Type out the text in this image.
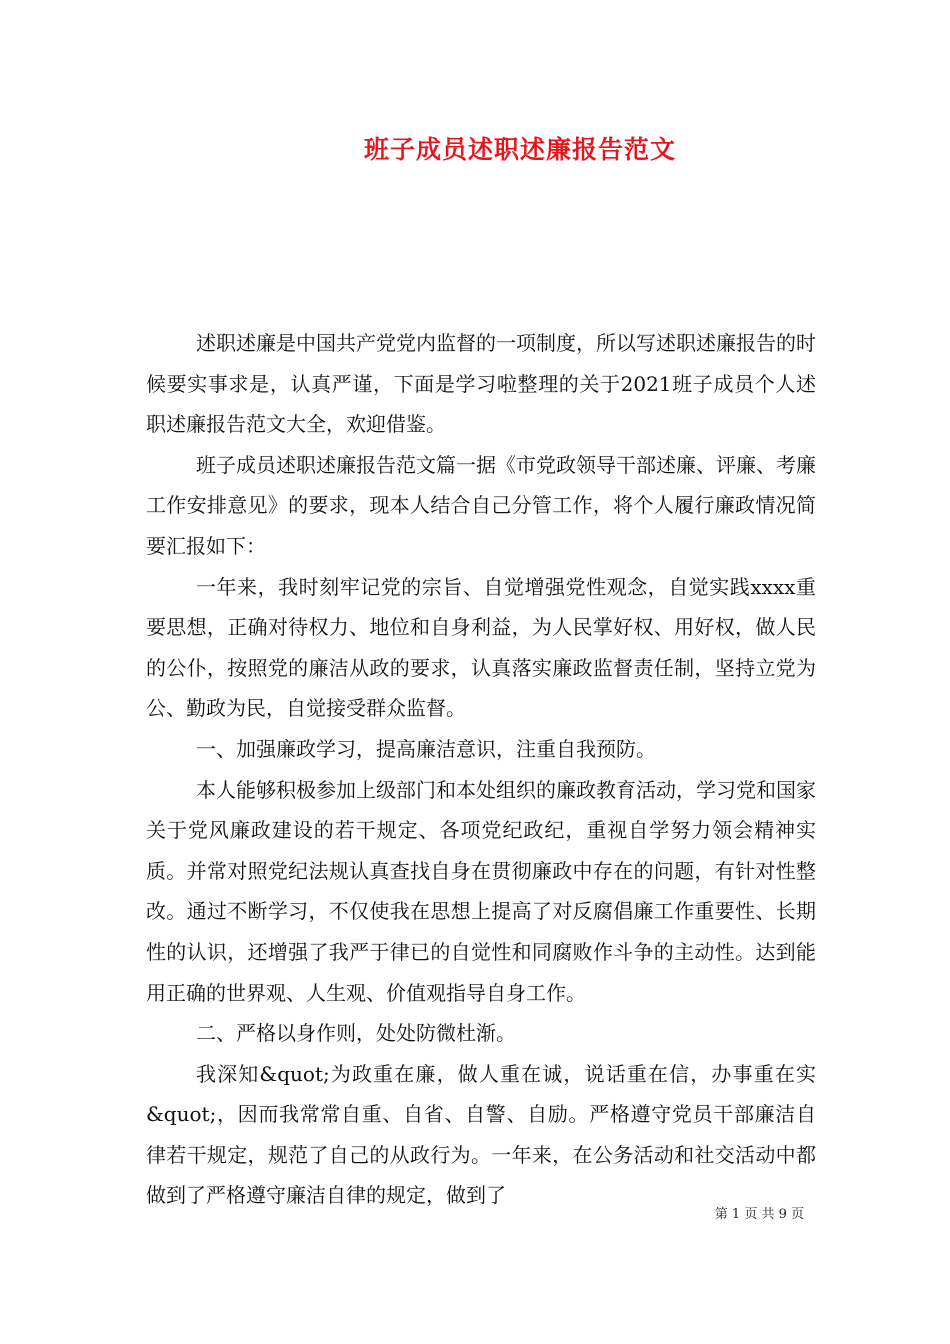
班子成员述职述廉报告范文

述职述廉是中国共产党党内监督的一项制度，所以写述职述廉报告的时候要实事求是，认真严谨，下面是学习啦整理的关于2021班子成员个人述职述廉报告范文大全，欢迎借鉴。

班子成员述职述廉报告范文篇一据《市党政领导干部述廉、评廉、考廉工作安排意见》的要求，现本人结合自己分管工作，将个人履行廉政情况简要汇报如下：

一年来，我时刻牢记党的宗旨、自觉增强党性观念，自觉实践xxxx重要思想，正确对待权力、地位和自身利益，为人民掌好权、用好权，做人民的公仆，按照党的廉洁从政的要求，认真落实廉政监督责任制，坚持立党为公、勤政为民，自觉接受群众监督。

一、加强廉政学习，提高廉洁意识，注重自我预防。

本人能够积极参加上级部门和本处组织的廉政教育活动，学习党和国家关于党风廉政建设的若干规定、各项党纪政纪，重视自学努力领会精神实质。并常对照党纪法规认真查找自身在贯彻廉政中存在的问题，有针对性整改。通过不断学习，不仅使我在思想上提高了对反腐倡廉工作重要性、长期性的认识，还增强了我严于律已的自觉性和同腐败作斗争的主动性。达到能用正确的世界观、人生观、价值观指导自身工作。

二、严格以身作则，处处防微杜渐。

我深知&quot;为政重在廉，做人重在诚，说话重在信，办事重在实&quot;，因而我常常自重、自省、自警、自励。严格遵守党员干部廉洁自律若干规定，规范了自己的从政行为。一年来，在公务活动和社交活动中都做到了严格遵守廉洁自律的规定，做到了

第 1 页 共 9 页
